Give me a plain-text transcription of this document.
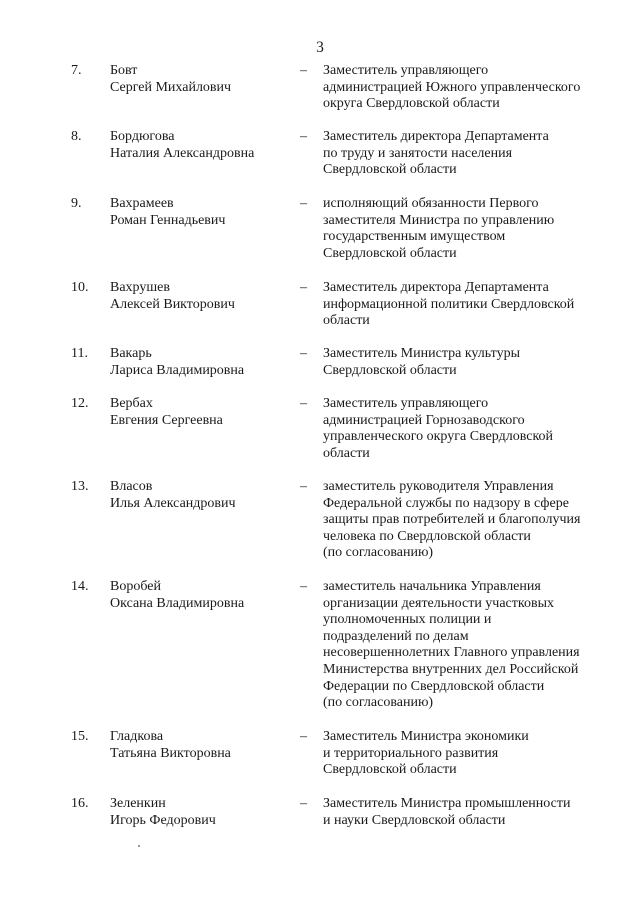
3
7. Бовт
Сергей Михайлович
– Заместитель управляющего
администрацией Южного управленческого
округа Свердловской области
8. Бордюгова
Наталия Александровна
– Заместитель директора Департамента
по труду и занятости населения
Свердловской области
9. Вахрамеев
Роман Геннадьевич
– исполняющий обязанности Первого
заместителя Министра по управлению
государственным имуществом
Свердловской области
10. Вахрушев
Алексей Викторович
– Заместитель директора Департамента
информационной политики Свердловской
области
11. Вакарь
Лариса Владимировна
– Заместитель Министра культуры
Свердловской области
12. Вербах
Евгения Сергеевна
– Заместитель управляющего
администрацией Горнозаводского
управленческого округа Свердловской
области
13. Власов
Илья Александрович
– заместитель руководителя Управления
Федеральной службы по надзору в сфере
защиты прав потребителей и благополучия
человека по Свердловской области
(по согласованию)
14. Воробей
Оксана Владимировна
– заместитель начальника Управления
организации деятельности участковых
уполномоченных полиции и
подразделений по делам
несовершеннолетних Главного управления
Министерства внутренних дел Российской
Федерации по Свердловской области
(по согласованию)
15. Гладкова
Татьяна Викторовна
– Заместитель Министра экономики
и территориального развития
Свердловской области
16. Зеленкин
Игорь Федорович
– Заместитель Министра промышленности
и науки Свердловской области
